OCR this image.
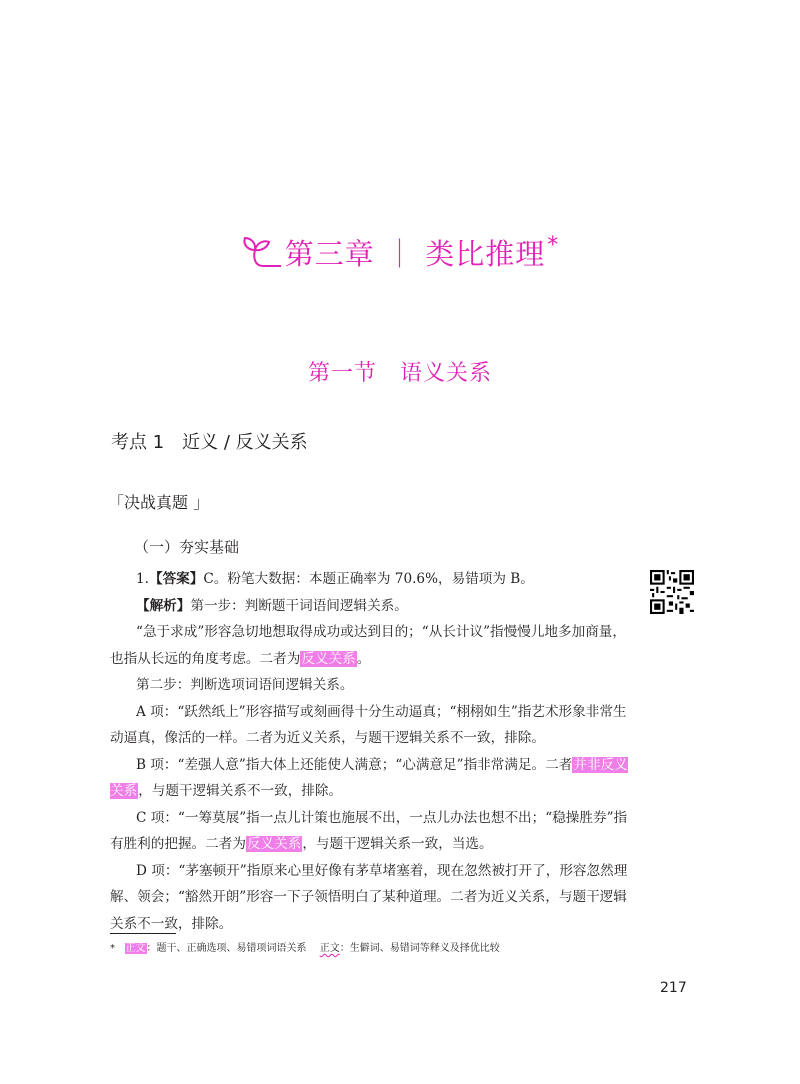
第三章 ｜ 类比推理*
第一节　语义关系
考点 1　近义 / 反义关系
「决战真题 」
（一）夯实基础

1.【答案】C。粉笔大数据：本题正确率为 70.6%，易错项为 B。

【解析】第一步：判断题干词语间逻辑关系。

“急于求成”形容急切地想取得成功或达到目的；“从长计议”指慢慢儿地多加商量，也指从长远的角度考虑。二者为反义关系。

第二步：判断选项词语间逻辑关系。

A 项：“跃然纸上”形容描写或刻画得十分生动逼真；“栩栩如生”指艺术形象非常生动逼真，像活的一样。二者为近义关系，与题干逻辑关系不一致，排除。

B 项：“差强人意”指大体上还能使人满意；“心满意足”指非常满足。二者并非反义关系，与题干逻辑关系不一致，排除。

C 项：“一筹莫展”指一点儿计策也施展不出，一点儿办法也想不出；“稳操胜券”指有胜利的把握。二者为反义关系，与题干逻辑关系一致，当选。

D 项：“茅塞顿开”指原来心里好像有茅草堵塞着，现在忽然被打开了，形容忽然理解、领会；“豁然开朗”形容一下子领悟明白了某种道理。二者为近义关系，与题干逻辑关系不一致，排除。

* 正文：题干、正确选项、易错项词语关系　 正文：生僻词、易错词等释义及择优比较
217
